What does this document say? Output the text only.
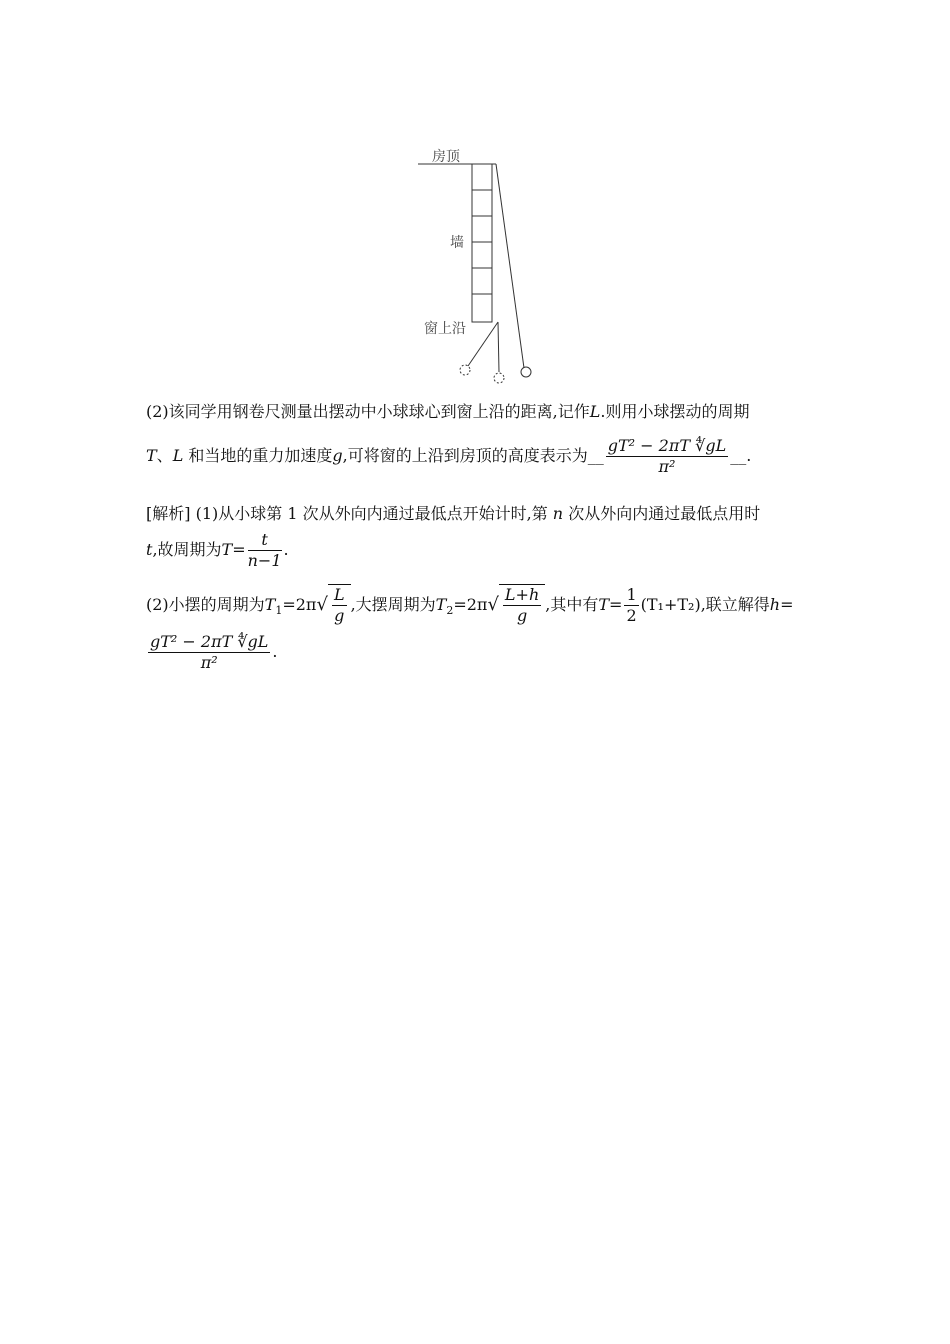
房顶
墙
窗上沿
(2)该同学用钢卷尺测量出摆动中小球球心到窗上沿的距离,记作L.则用小球摆动的周期
T、L 和当地的重力加速度g,可将窗的上沿到房顶的高度表示为__ $\frac{\text{gT² − 2πT ∜gL}}{\text{π²}}$ __.
[解析] (1)从小球第 1 次从外向内通过最低点开始计时,第 n 次从外向内通过最低点用时
t,故周期为$T= \frac{t}{n-1}$ .
(2)小摆的周期为$T_1=2\pi√ \frac{L}{g}$ ,大摆周期为$T_2=2\pi√ \frac{L+h}{g}$ ,其中有$T= \frac{1}{2} (T_1+T_2)$,联立解得h=
$\frac{\text{gT² − 2πT ∜gL}}{\text{π²}}$ .
